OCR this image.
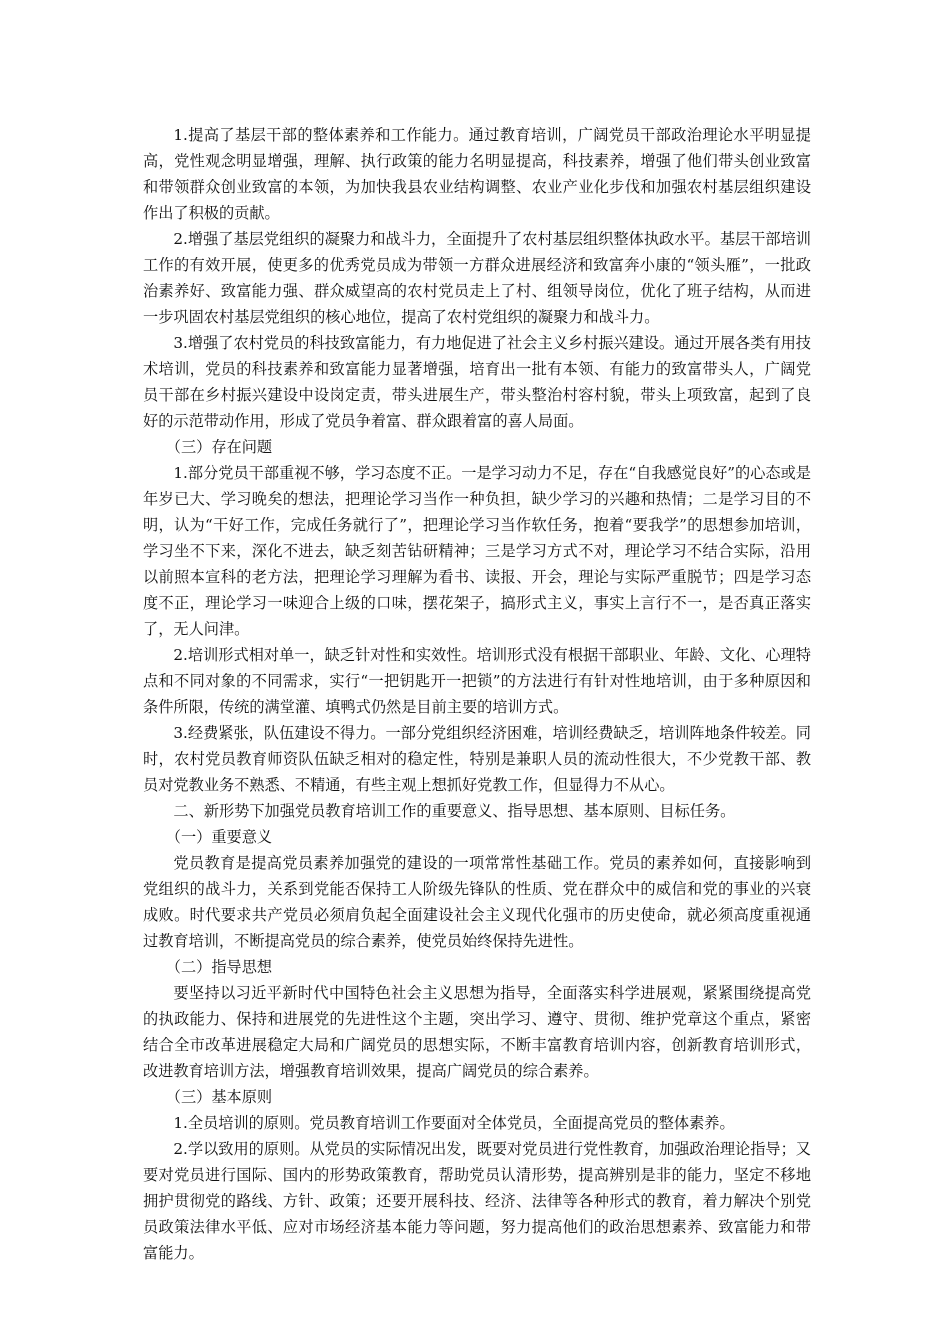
1.提高了基层干部的整体素养和工作能力。通过教育培训，广阔党员干部政治理论水平明显提高，党性观念明显增强，理解、执行政策的能力名明显提高，科技素养，增强了他们带头创业致富和带领群众创业致富的本领，为加快我县农业结构调整、农业产业化步伐和加强农村基层组织建设作出了积极的贡献。

2.增强了基层党组织的凝聚力和战斗力，全面提升了农村基层组织整体执政水平。基层干部培训工作的有效开展，使更多的优秀党员成为带领一方群众进展经济和致富奔小康的“领头雁”，一批政治素养好、致富能力强、群众威望高的农村党员走上了村、组领导岗位，优化了班子结构，从而进一步巩固农村基层党组织的核心地位，提高了农村党组织的凝聚力和战斗力。

3.增强了农村党员的科技致富能力，有力地促进了社会主义乡村振兴建设。通过开展各类有用技术培训，党员的科技素养和致富能力显著增强，培育出一批有本领、有能力的致富带头人，广阔党员干部在乡村振兴建设中设岗定责，带头进展生产，带头整治村容村貌，带头上项致富，起到了良好的示范带动作用，形成了党员争着富、群众跟着富的喜人局面。

（三）存在问题

1.部分党员干部重视不够，学习态度不正。一是学习动力不足，存在“自我感觉良好”的心态或是年岁已大、学习晚矣的想法，把理论学习当作一种负担，缺少学习的兴趣和热情；二是学习目的不明，认为“干好工作，完成任务就行了”，把理论学习当作软任务，抱着“要我学”的思想参加培训，学习坐不下来，深化不进去，缺乏刻苦钻研精神；三是学习方式不对，理论学习不结合实际，沿用以前照本宣科的老方法，把理论学习理解为看书、读报、开会，理论与实际严重脱节；四是学习态度不正，理论学习一味迎合上级的口味，摆花架子，搞形式主义，事实上言行不一，是否真正落实了，无人问津。

2.培训形式相对单一，缺乏针对性和实效性。培训形式没有根据干部职业、年龄、文化、心理特点和不同对象的不同需求，实行“一把钥匙开一把锁”的方法进行有针对性地培训，由于多种原因和条件所限，传统的满堂灌、填鸭式仍然是目前主要的培训方式。

3.经费紧张，队伍建设不得力。一部分党组织经济困难，培训经费缺乏，培训阵地条件较差。同时，农村党员教育师资队伍缺乏相对的稳定性，特别是兼职人员的流动性很大，不少党教干部、教员对党教业务不熟悉、不精通，有些主观上想抓好党教工作，但显得力不从心。

二、新形势下加强党员教育培训工作的重要意义、指导思想、基本原则、目标任务。

（一）重要意义

党员教育是提高党员素养加强党的建设的一项常常性基础工作。党员的素养如何，直接影响到党组织的战斗力，关系到党能否保持工人阶级先锋队的性质、党在群众中的威信和党的事业的兴衰成败。时代要求共产党员必须肩负起全面建设社会主义现代化强市的历史使命，就必须高度重视通过教育培训，不断提高党员的综合素养，使党员始终保持先进性。

（二）指导思想

要坚持以习近平新时代中国特色社会主义思想为指导，全面落实科学进展观，紧紧围绕提高党的执政能力、保持和进展党的先进性这个主题，突出学习、遵守、贯彻、维护党章这个重点，紧密结合全市改革进展稳定大局和广阔党员的思想实际，不断丰富教育培训内容，创新教育培训形式，改进教育培训方法，增强教育培训效果，提高广阔党员的综合素养。

（三）基本原则

1.全员培训的原则。党员教育培训工作要面对全体党员，全面提高党员的整体素养。

2.学以致用的原则。从党员的实际情况出发，既要对党员进行党性教育，加强政治理论指导；又要对党员进行国际、国内的形势政策教育，帮助党员认清形势，提高辨别是非的能力，坚定不移地拥护贯彻党的路线、方针、政策；还要开展科技、经济、法律等各种形式的教育，着力解决个别党员政策法律水平低、应对市场经济基本能力等问题，努力提高他们的政治思想素养、致富能力和带富能力。
